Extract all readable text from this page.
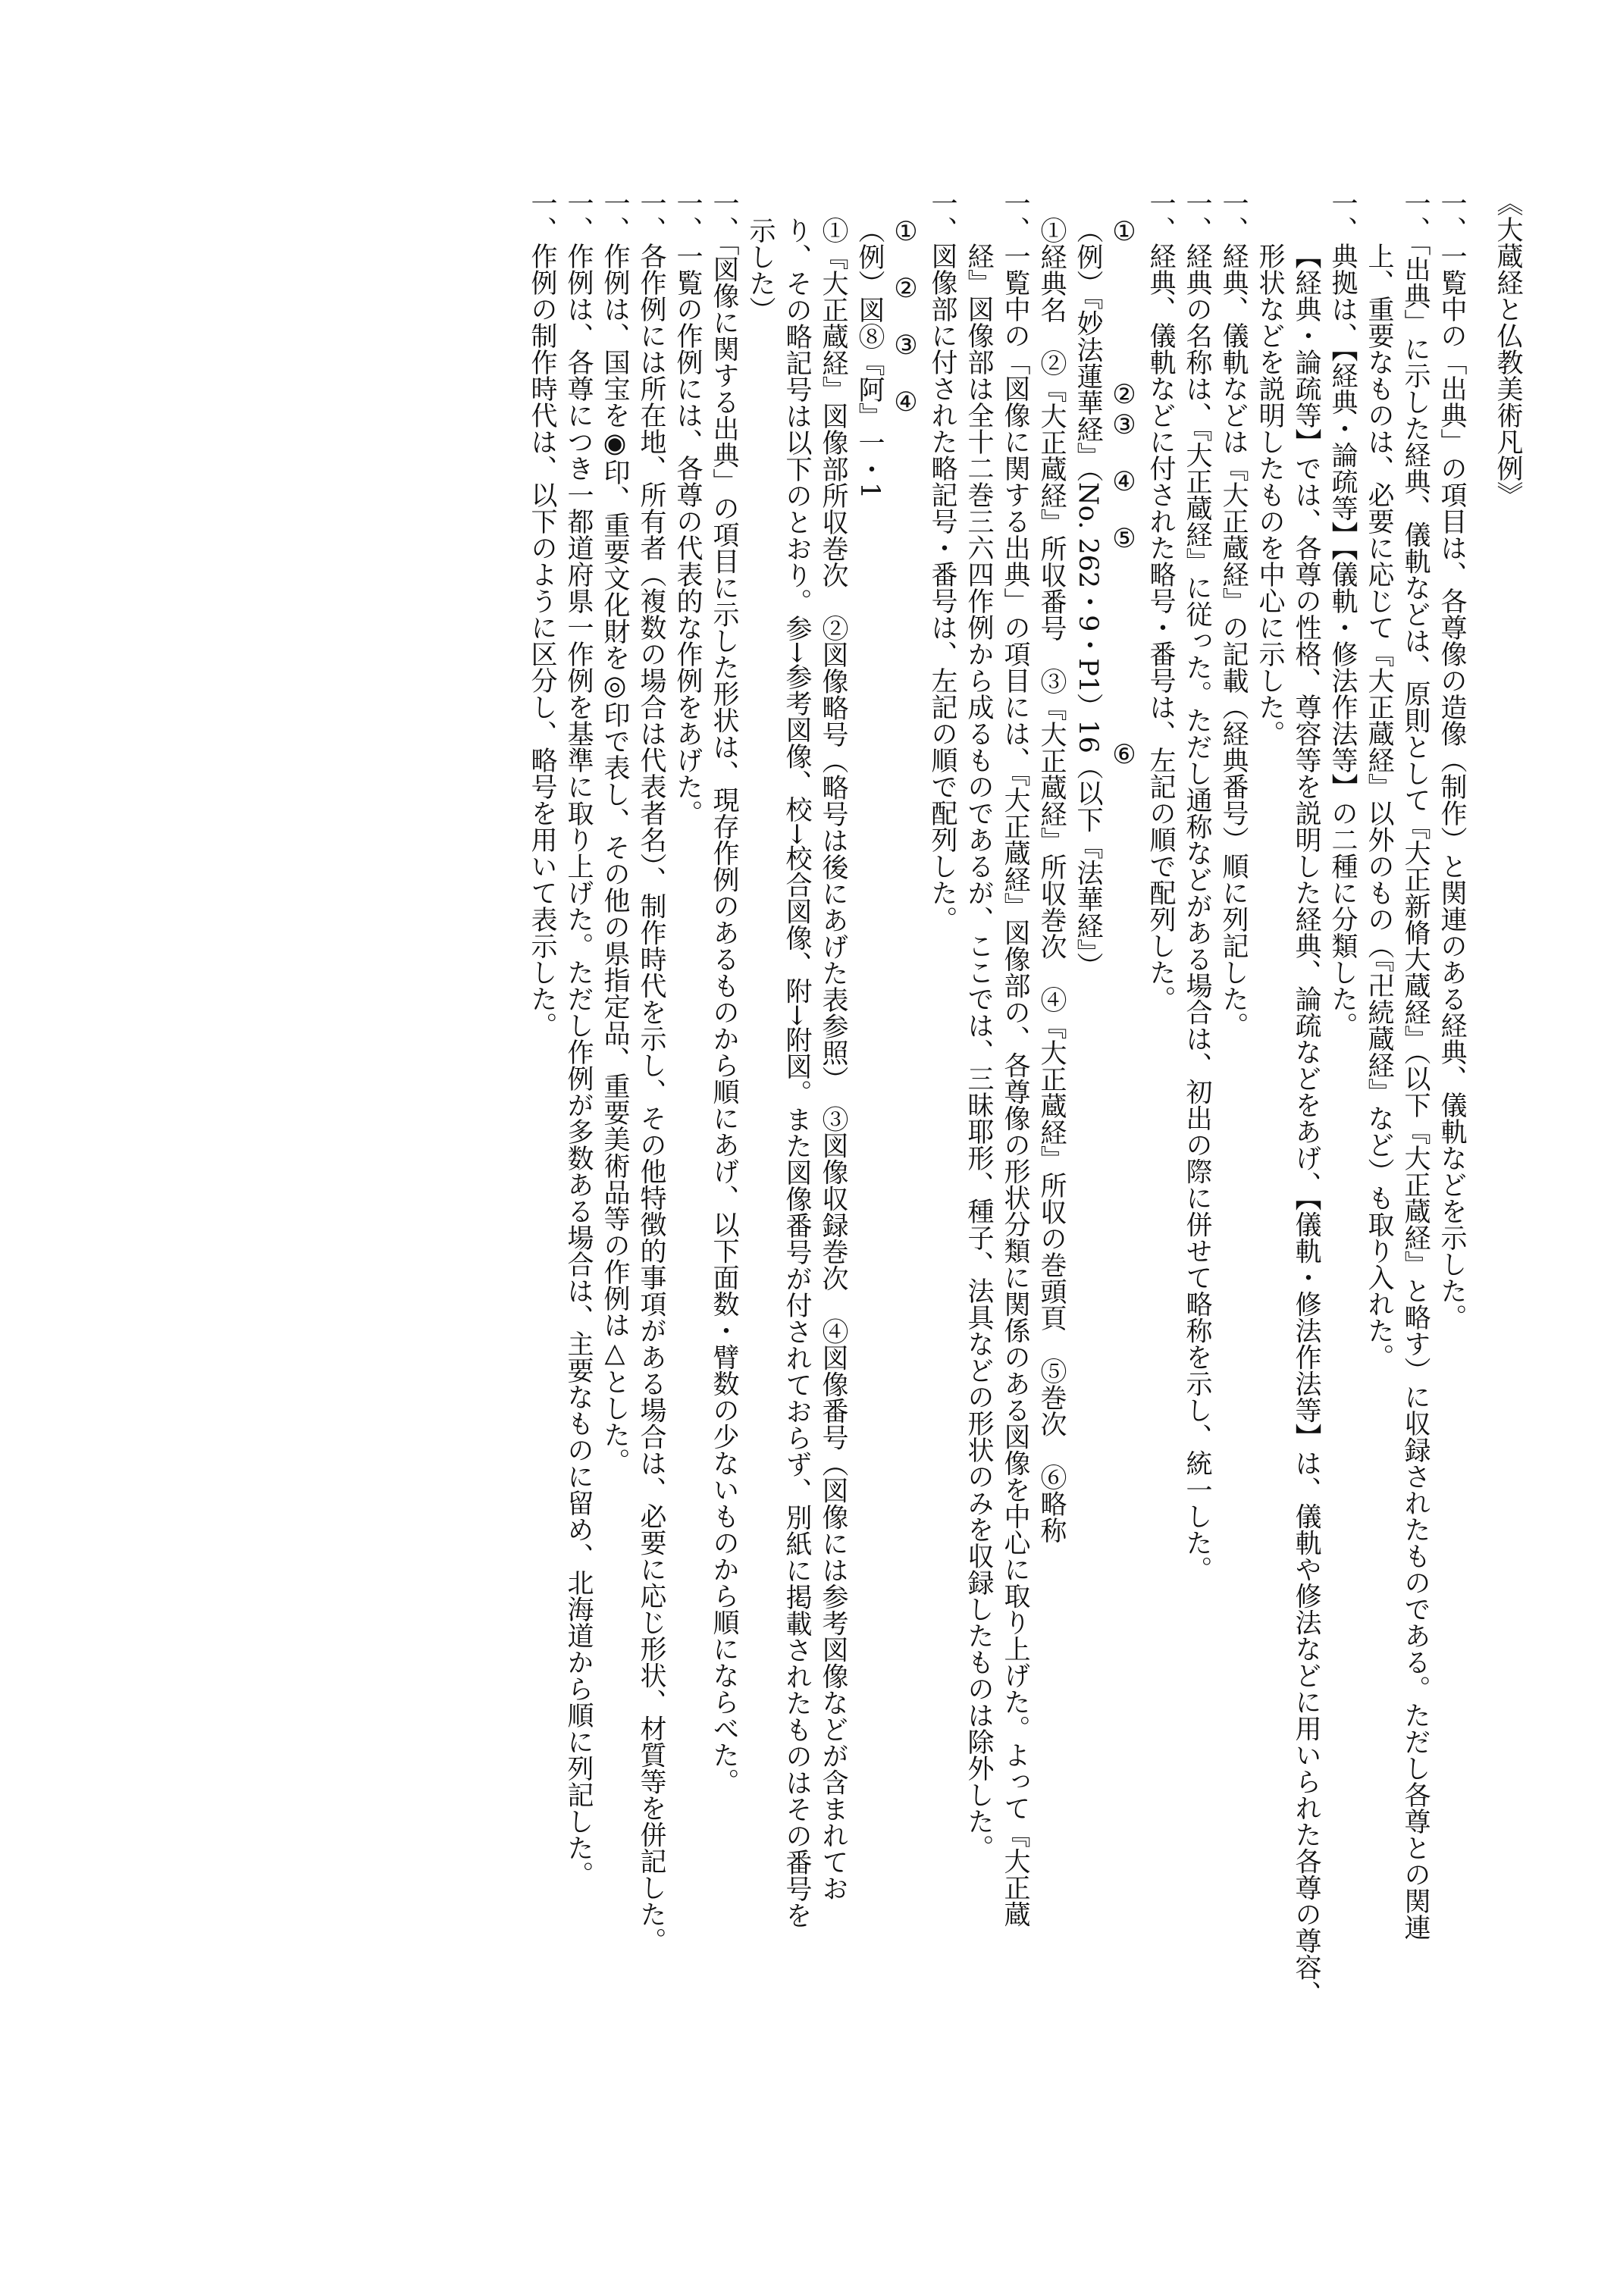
《大蔵経と仏教美術凡例》
一、一覧中の「出典」の項目は、各尊像の造像（制作）と関連のある経典、儀軌などを示した。
一、「出典」に示した経典、儀軌などは、原則として『大正新脩大蔵経』（以下『大正蔵経』と略す）に収録されたものである。ただし各尊との関連
上、重要なものは、必要に応じて『大正蔵経』以外のもの（『卍続蔵経』など）も取り入れた。
一、典拠は、【経典・論疏等】【儀軌・修法作法等】の二種に分類した。
【経典・論疏等】では、各尊の性格、尊容等を説明した経典、論疏などをあげ、【儀軌・修法作法等】は、儀軌や修法などに用いられた各尊の尊容、
形状などを説明したものを中心に示した。
一、経典、儀軌などは『大正蔵経』の記載（経典番号）順に列記した。
一、経典の名称は、『大正蔵経』に従った。ただし通称などがある場合は、初出の際に併せて略称を示し、統一した。
一、経典、儀軌などに付された略号・番号は、左記の順で配列した。
①　　　　　②③　④　⑤　　　　　　　⑥
（例）『妙法蓮華経』（No. 262・9・P1）16（以下『法華経』）
①経典名　②『大正蔵経』所収番号　③『大正蔵経』所収巻次　④『大正蔵経』所収の巻頭頁　⑤巻次　⑥略称
一、一覧中の「図像に関する出典」の項目には、『大正蔵経』図像部の、各尊像の形状分類に関係のある図像を中心に取り上げた。よって『大正蔵
経』図像部は全十二巻三六四作例から成るものであるが、ここでは、三昧耶形、種子、法具などの形状のみを収録したものは除外した。
一、図像部に付された略記号・番号は、左記の順で配列した。
①　②　③　④
（例）図⑧『阿』一・1
①『大正蔵経』図像部所収巻次　②図像略号（略号は後にあげた表参照）　③図像収録巻次　④図像番号（図像には参考図像などが含まれてお
り、その略記号は以下のとおり。参→参考図像、校→校合図像、附→附図。また図像番号が付されておらず、別紙に掲載されたものはその番号を
示した）
一、「図像に関する出典」の項目に示した形状は、現存作例のあるものから順にあげ、以下面数・臂数の少ないものから順にならべた。
一、一覧の作例には、各尊の代表的な作例をあげた。
一、各作例には所在地、所有者（複数の場合は代表者名）、制作時代を示し、その他特徴的事項がある場合は、必要に応じ形状、材質等を併記した。
一、作例は、国宝を◉印、重要文化財を◎印で表し、その他の県指定品、重要美術品等の作例は△とした。
一、作例は、各尊につき一都道府県一作例を基準に取り上げた。ただし作例が多数ある場合は、主要なものに留め、北海道から順に列記した。
一、作例の制作時代は、以下のように区分し、略号を用いて表示した。
